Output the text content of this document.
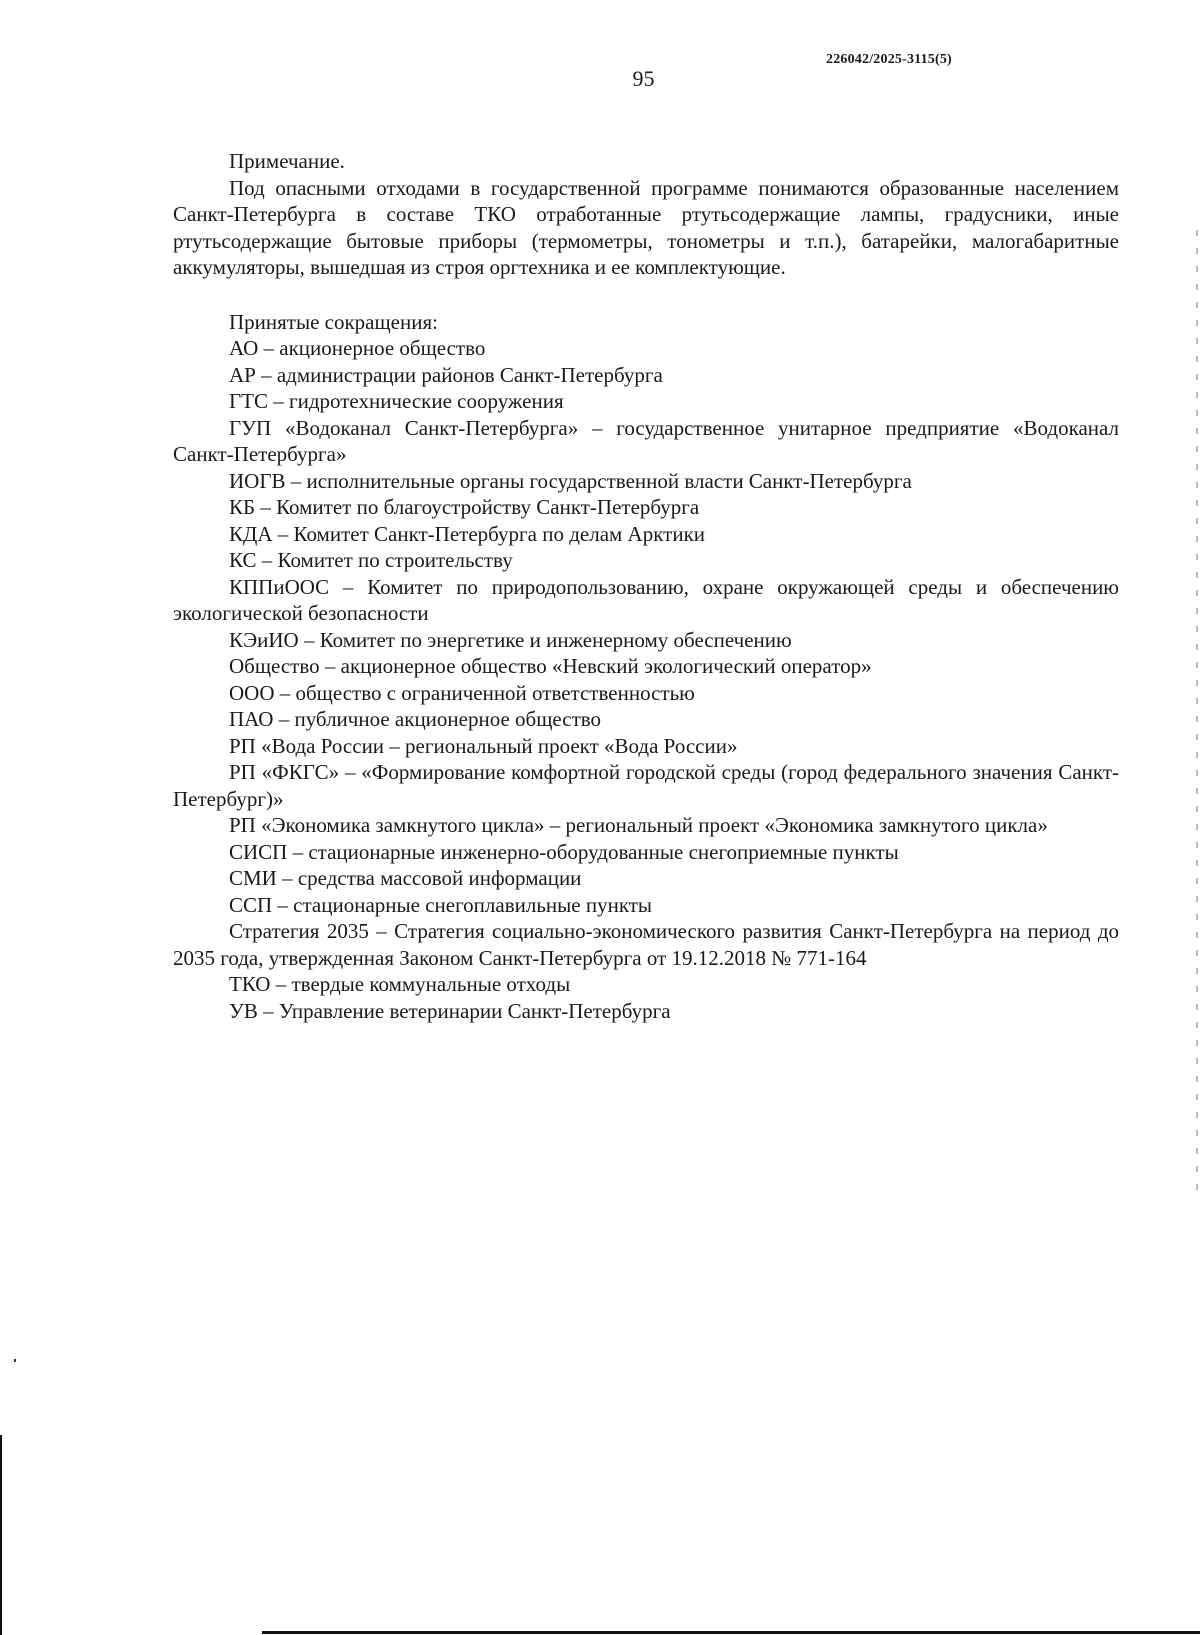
226042/2025-3115(5)
95

Примечание.

Под опасными отходами в государственной программе понимаются образованные населением Санкт-Петербурга в составе ТКО отработанные ртутьсодержащие лампы, градусники, иные ртутьсодержащие бытовые приборы (термометры, тонометры и т.п.), батарейки, малогабаритные аккумуляторы, вышедшая из строя оргтехника и ее комплектующие.

Принятые сокращения:

АО – акционерное общество

АР – администрации районов Санкт-Петербурга

ГТС – гидротехнические сооружения

ГУП «Водоканал Санкт-Петербурга» – государственное унитарное предприятие «Водоканал Санкт-Петербурга»

ИОГВ – исполнительные органы государственной власти Санкт-Петербурга

КБ – Комитет по благоустройству Санкт-Петербурга

КДА – Комитет Санкт-Петербурга по делам Арктики

КС – Комитет по строительству

КППиООС – Комитет по природопользованию, охране окружающей среды и обеспечению экологической безопасности

КЭиИО – Комитет по энергетике и инженерному обеспечению

Общество – акционерное общество «Невский экологический оператор»

ООО – общество с ограниченной ответственностью

ПАО – публичное акционерное общество

РП «Вода России – региональный проект «Вода России»

РП «ФКГС» – «Формирование комфортной городской среды (город федерального значения Санкт-Петербург)»

РП «Экономика замкнутого цикла» – региональный проект «Экономика замкнутого цикла»

СИСП – стационарные инженерно-оборудованные снегоприемные пункты

СМИ – средства массовой информации

ССП – стационарные снегоплавильные пункты

Стратегия 2035 – Стратегия социально-экономического развития Санкт-Петербурга на период до 2035 года, утвержденная Законом Санкт-Петербурга от 19.12.2018 № 771-164

ТКО – твердые коммунальные отходы

УВ – Управление ветеринарии Санкт-Петербурга
